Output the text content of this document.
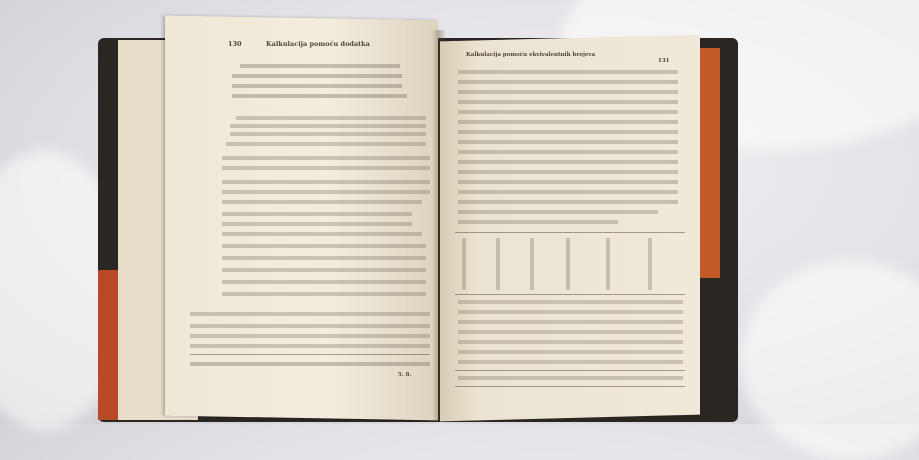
130	Kalkulacija pomoću dodatka
5. 8.
Kalkulacija pomoću ekvivalentnih brojeva
131
